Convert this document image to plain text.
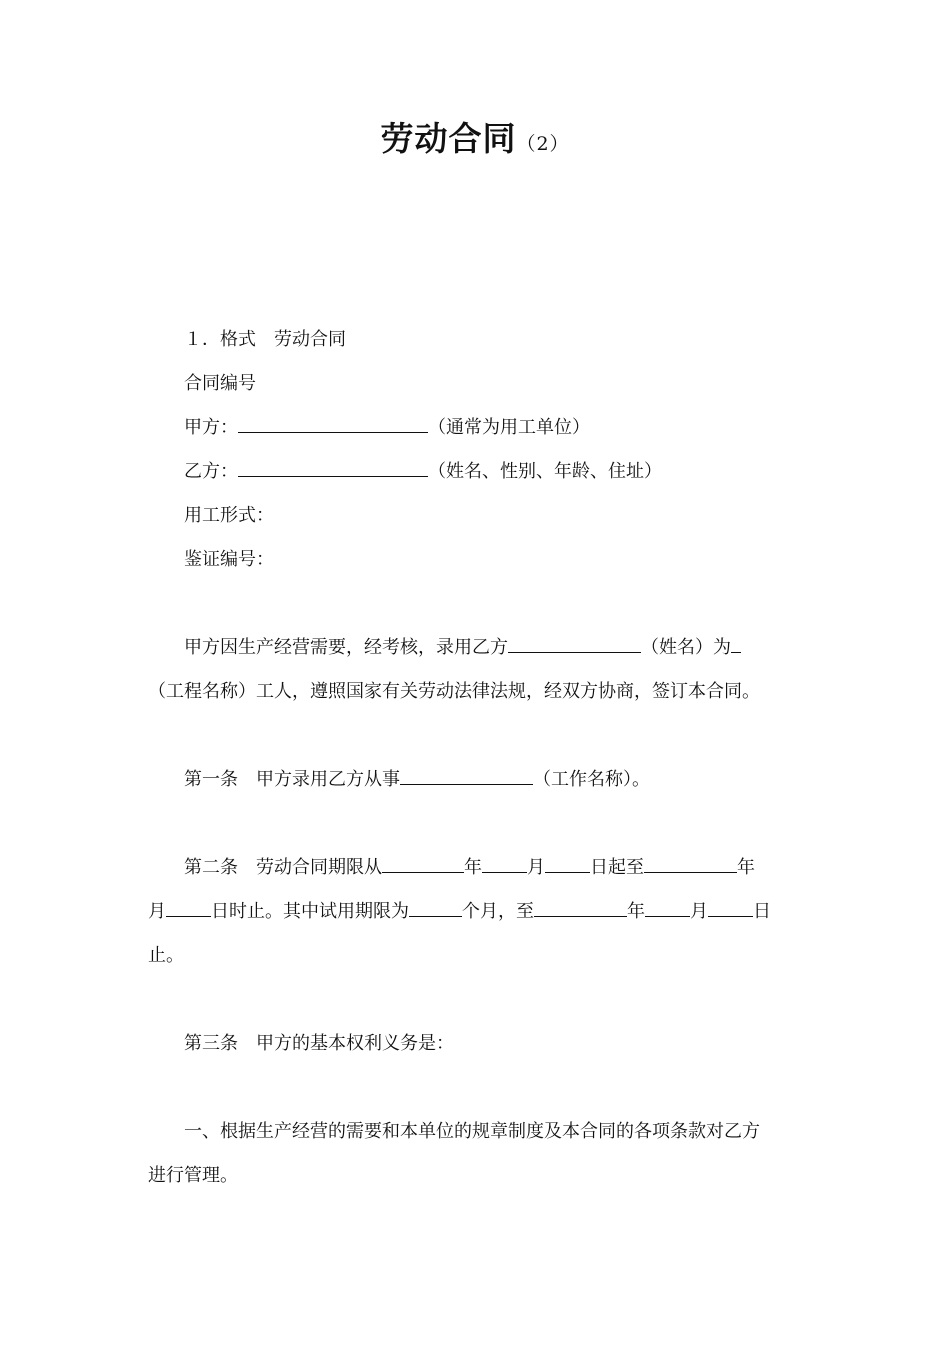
劳动合同（2）
１．格式　劳动合同
合同编号
甲方：	（通常为用工单位）
乙方：	（姓名、性别、年龄、住址）
用工形式：
鉴证编号：
甲方因生产经营需要，经考核，录用乙方	（姓名）为
（工程名称）工人，遵照国家有关劳动法律法规，经双方协商，签订本合同。
第一条　甲方录用乙方从事	（工作名称）。
第二条　劳动合同期限从	年	月	日起至	年
月	日时止。其中试用期限为	个月，至	年	月	日
止。
第三条　甲方的基本权利义务是：
一、根据生产经营的需要和本单位的规章制度及本合同的各项条款对乙方
进行管理。
